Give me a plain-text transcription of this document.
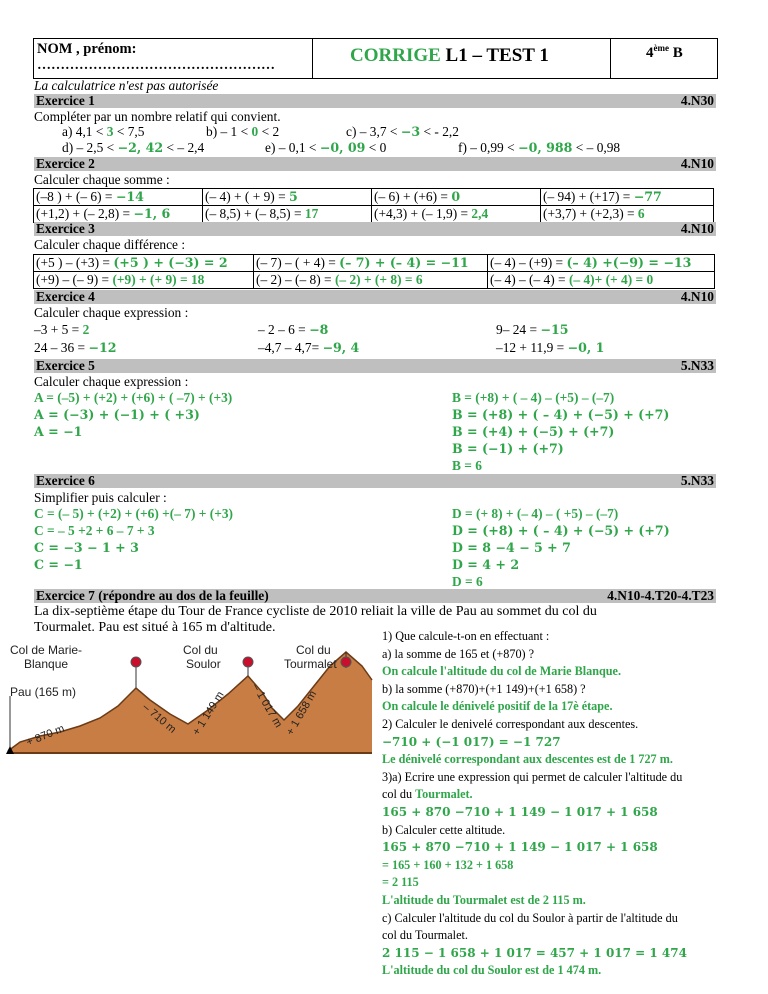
NOM , prénom:
……………………………………………	CORRIGE L1 – TEST 1	4ème B
La calculatrice n'est pas autorisée
Exercice 1	4.N30
Compléter par un nombre relatif qui convient.
a) 4,1 < 3 < 7,5	b) – 1 < 0 < 2	c) – 3,7 < −3 < - 2,2
d) – 2,5 < −2, 42 < – 2,4	e) – 0,1 < −0, 09 < 0	f) – 0,99 < −0, 988 < – 0,98
Exercice 2	4.N10
Calculer chaque somme :
(–8 ) + (– 6) = −14	(– 4) + ( + 9) = 5	(– 6) + (+6) = 0	(– 94) + (+17) = −77
(+1,2) + (– 2,8) = −1, 6	(– 8,5) + (– 8,5) = 17	(+4,3) + (– 1,9) = 2,4	(+3,7) + (+2,3) = 6
Exercice 3	4.N10
Calculer chaque différence :
(+5 ) – (+3) = (+5 ) + (−3) = 2	(– 7) – ( + 4) = (– 7) + (– 4) = −11	(– 4) – (+9) = (– 4) +(−9) = −13
(+9) – (– 9) = (+9) + (+ 9) = 18	(– 2) – (– 8) = (– 2) + (+ 8) = 6	(– 4) – (– 4) = (– 4)+ (+ 4) = 0
Exercice 4	4.N10
Calculer chaque expression :
–3 + 5 = 2	– 2 – 6 = −8	9– 24 = −15
24 – 36 = −12	–4,7 – 4,7= −9, 4	–12 + 11,9 = −0, 1
Exercice 5	5.N33
Calculer chaque expression :
A = (–5) + (+2) + (+6) + ( –7) + (+3)
A = (−3) + (−1) + ( +3)
A = −1
B = (+8) + ( – 4) – (+5) – (–7)
B = (+8) + ( – 4) + (−5) + (+7)
B = (+4) + (−5) + (+7)
B = (−1) + (+7)
B = 6
Exercice 6	5.N33
Simplifier puis calculer :
C = (– 5) + (+2) + (+6) +(– 7) + (+3)
C = – 5 +2 + 6 – 7 + 3
C = −3 − 1 + 3
C = −1
D = (+ 8) + (– 4) – ( +5) – (–7)
D = (+8) + ( – 4) + (−5) + (+7)
D = 8 −4 − 5 + 7
D = 4 + 2
D = 6
Exercice 7 (répondre au dos de la feuille)	4.N10-4.T20-4.T23
La dix-septième étape du Tour de France cycliste de 2010 reliait la ville de Pau au sommet du col du
Tourmalet. Pau est situé à 165 m d'altitude.
Col de Marie-
Blanque
Col du
Soulor
Col du
Tourmalet
Pau (165 m)
+ 870 m	– 710 m + 1 149 m – 1 017 m + 1 658 m
1) Que calcule-t-on en effectuant :
a) la somme de 165 et (+870) ?
On calcule l'altitude du col de Marie Blanque.
b) la somme (+870)+(+1 149)+(+1 658) ?
On calcule le dénivelé positif de la 17è étape.
2) Calculer le denivelé correspondant aux descentes.
−710 + (−1 017) = −1 727
Le dénivelé correspondant aux descentes est de 1 727 m.
3)a) Ecrire une expression qui permet de calculer l'altitude du
col du Tourmalet.
165 + 870 −710 + 1 149 − 1 017 + 1 658
b) Calculer cette altitude.
165 + 870 −710 + 1 149 − 1 017 + 1 658
= 165 + 160 + 132 + 1 658
= 2 115
L'altitude du Tourmalet est de 2 115 m.
c) Calculer l'altitude du col du Soulor à partir de l'altitude du
col du Tourmalet.
2 115 − 1 658 + 1 017 = 457 + 1 017 = 1 474
L'altitude du col du Soulor est de 1 474 m.
